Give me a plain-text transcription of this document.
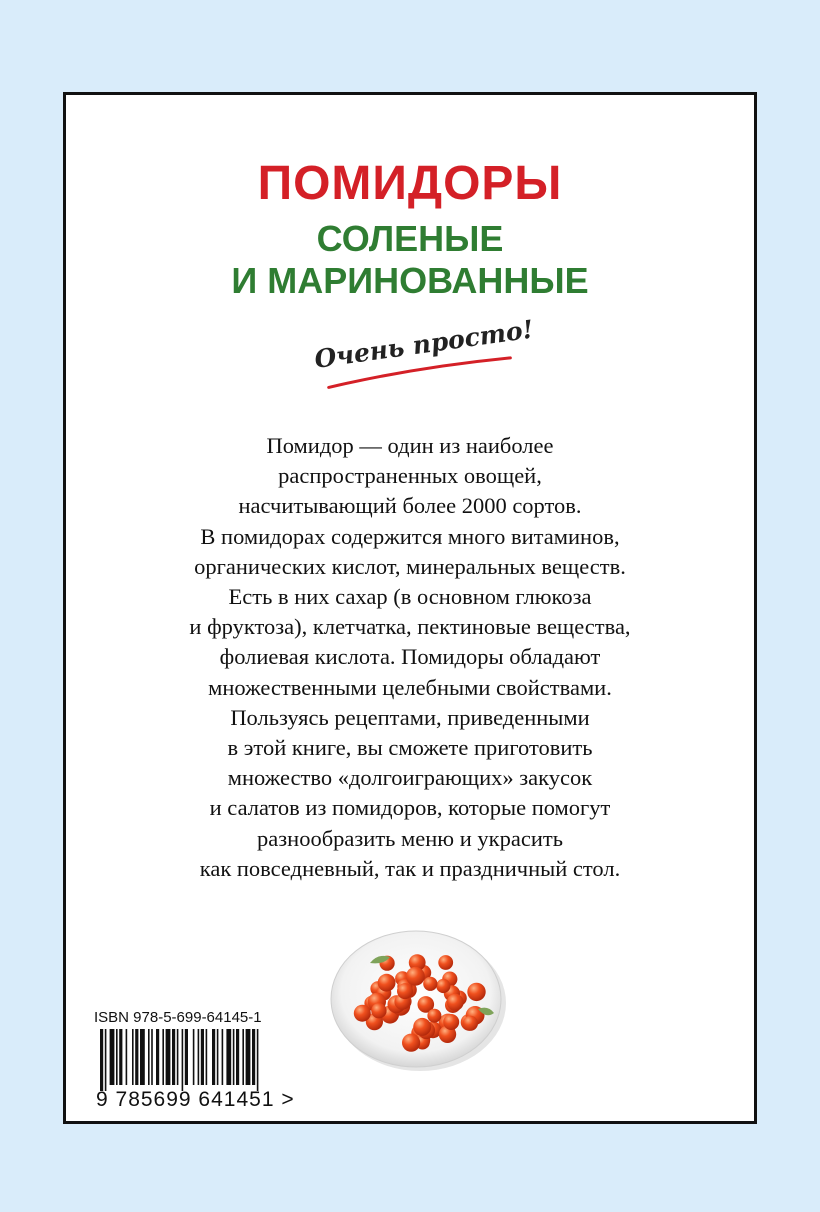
ПОМИДОРЫ
СОЛЕНЫЕ
И МАРИНОВАННЫЕ
Очень просто!

Помидор — один из наиболее

распространенных овощей,

насчитывающий более 2000 сортов.

В помидорах содержится много витаминов,

органических кислот, минеральных веществ.

Есть в них сахар (в основном глюкоза

и фруктоза), клетчатка, пектиновые вещества,

фолиевая кислота. Помидоры обладают

множественными целебными свойствами.

Пользуясь рецептами, приведенными

в этой книге, вы сможете приготовить

множество «долгоиграющих» закусок

и салатов из помидоров, которые помогут

разнообразить меню и украсить

как повседневный, так и праздничный стол.

ISBN 978-5-699-64145-1
9 785699 641451 >
